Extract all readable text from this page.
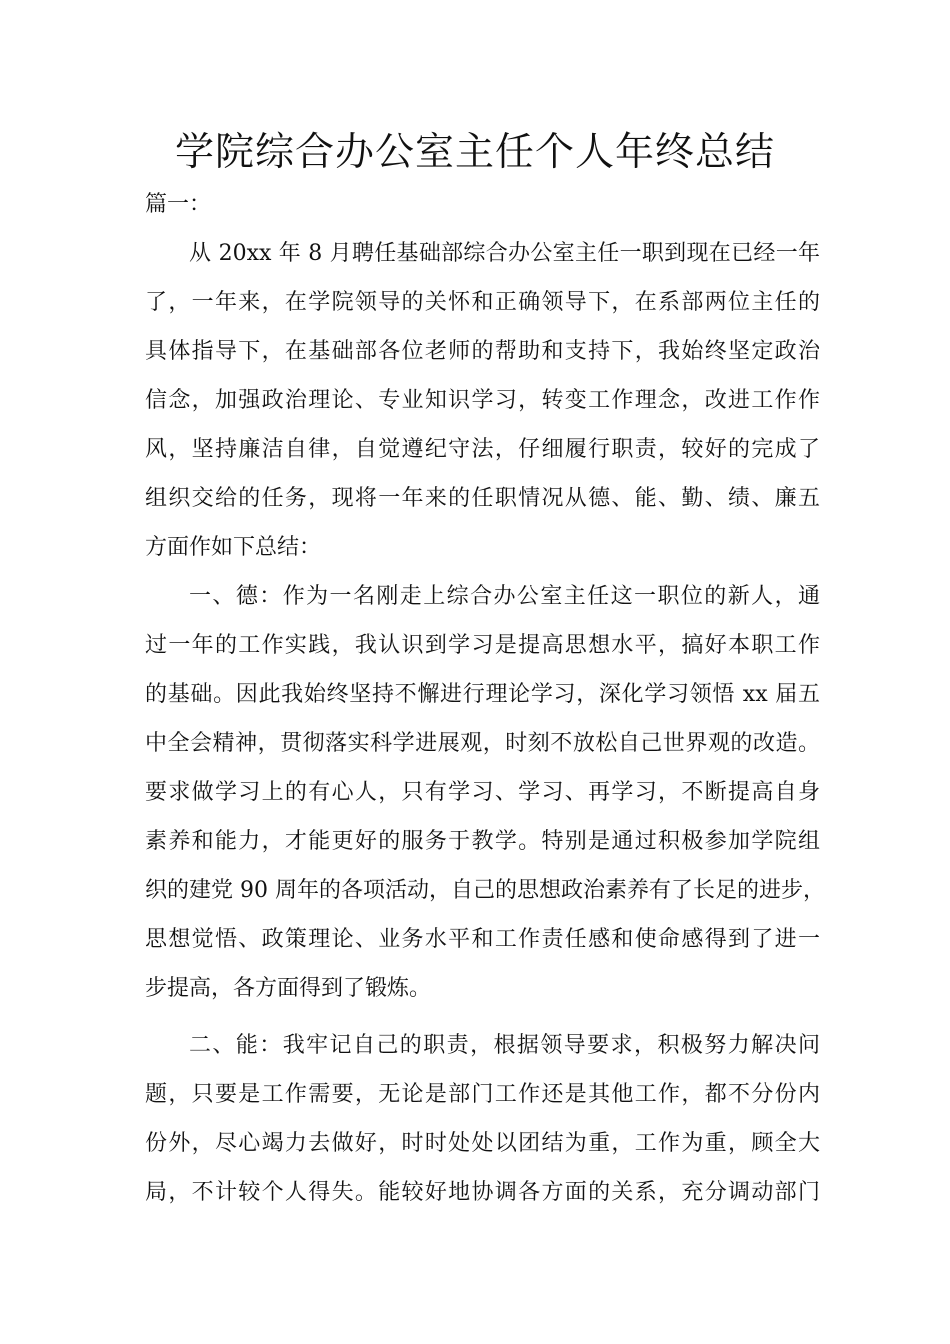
学院综合办公室主任个人年终总结
篇一：
从 20xx 年 8 月聘任基础部综合办公室主任一职到现在已经一年
了，一年来，在学院领导的关怀和正确领导下，在系部两位主任的
具体指导下，在基础部各位老师的帮助和支持下，我始终坚定政治
信念，加强政治理论、专业知识学习，转变工作理念，改进工作作
风，坚持廉洁自律，自觉遵纪守法，仔细履行职责，较好的完成了
组织交给的任务，现将一年来的任职情况从德、能、勤、绩、廉五
方面作如下总结：
一、德：作为一名刚走上综合办公室主任这一职位的新人，通
过一年的工作实践，我认识到学习是提高思想水平，搞好本职工作
的基础。因此我始终坚持不懈进行理论学习，深化学习领悟 xx 届五
中全会精神，贯彻落实科学进展观，时刻不放松自己世界观的改造。
要求做学习上的有心人，只有学习、学习、再学习，不断提高自身
素养和能力，才能更好的服务于教学。特别是通过积极参加学院组
织的建党 90 周年的各项活动，自己的思想政治素养有了长足的进步，
思想觉悟、政策理论、业务水平和工作责任感和使命感得到了进一
步提高，各方面得到了锻炼。
二、能：我牢记自己的职责，根据领导要求，积极努力解决问
题，只要是工作需要，无论是部门工作还是其他工作，都不分份内
份外，尽心竭力去做好，时时处处以团结为重，工作为重，顾全大
局，不计较个人得失。能较好地协调各方面的关系，充分调动部门
